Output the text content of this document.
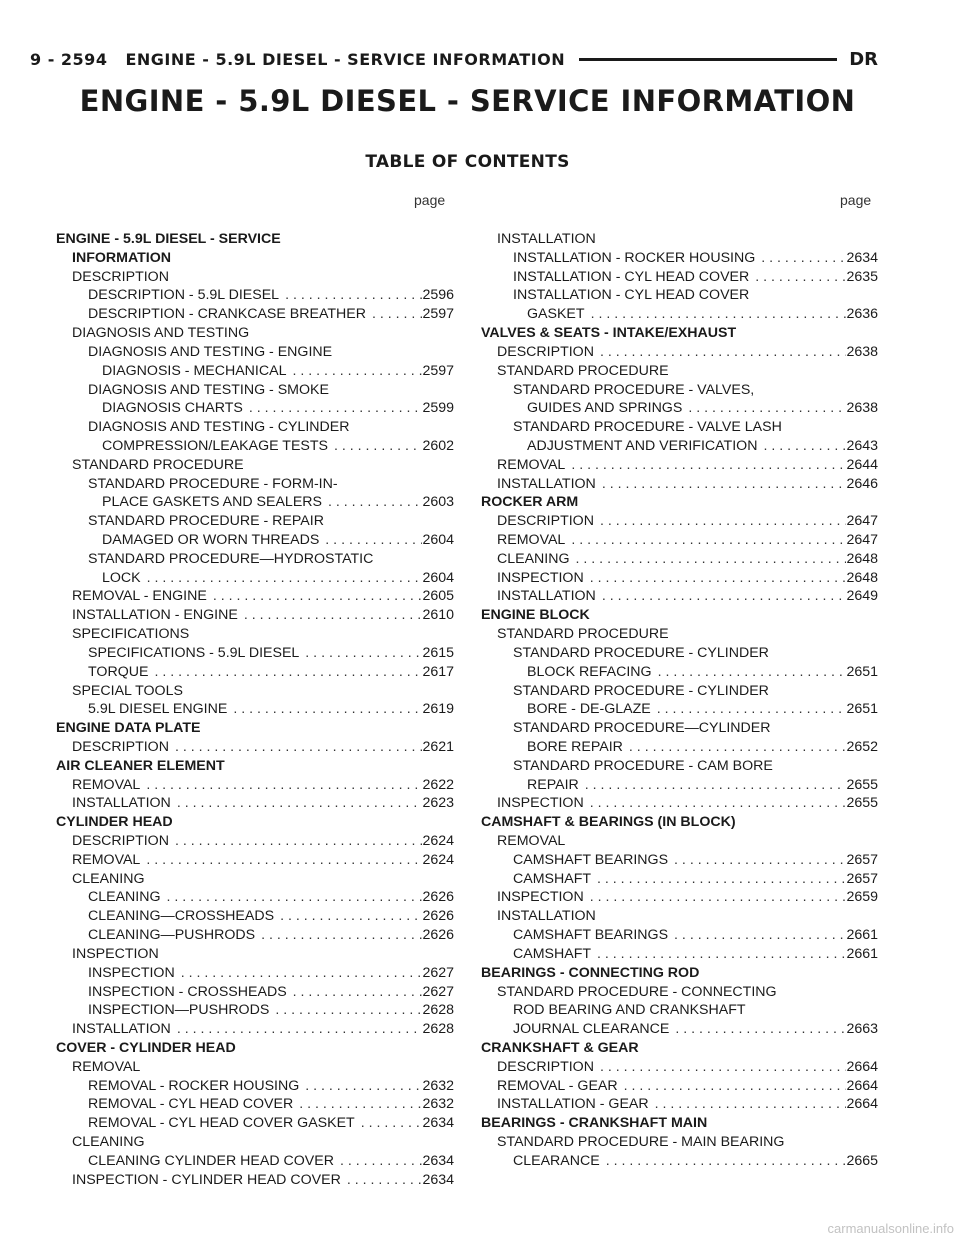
9 - 2594 ENGINE - 5.9L DIESEL - SERVICE INFORMATION	DR
ENGINE - 5.9L DIESEL - SERVICE INFORMATION
TABLE OF CONTENTS
page	page
ENGINE - 5.9L DIESEL - SERVICE
INFORMATION
DESCRIPTION
DESCRIPTION - 5.9L DIESEL . . .	2596
DESCRIPTION - CRANKCASE BREATHER . . .	2597
DIAGNOSIS AND TESTING
DIAGNOSIS AND TESTING - ENGINE
DIAGNOSIS - MECHANICAL . . .	2597
DIAGNOSIS AND TESTING - SMOKE
DIAGNOSIS CHARTS . . .	2599
DIAGNOSIS AND TESTING - CYLINDER
COMPRESSION/LEAKAGE TESTS . . .	2602
STANDARD PROCEDURE
STANDARD PROCEDURE - FORM-IN-
PLACE GASKETS AND SEALERS . . .	2603
STANDARD PROCEDURE - REPAIR
DAMAGED OR WORN THREADS . . .	2604
STANDARD PROCEDURE—HYDROSTATIC
LOCK . . .	2604
REMOVAL - ENGINE . . .	2605
INSTALLATION - ENGINE . . .	2610
SPECIFICATIONS
SPECIFICATIONS - 5.9L DIESEL . . .	2615
TORQUE . . .	2617
SPECIAL TOOLS
5.9L DIESEL ENGINE . . .	2619
ENGINE DATA PLATE
DESCRIPTION . . .	2621
AIR CLEANER ELEMENT
REMOVAL . . .	2622
INSTALLATION . . .	2623
CYLINDER HEAD
DESCRIPTION . . .	2624
REMOVAL . . .	2624
CLEANING
CLEANING . . .	2626
CLEANING—CROSSHEADS . . .	2626
CLEANING—PUSHRODS . . .	2626
INSPECTION
INSPECTION . . .	2627
INSPECTION - CROSSHEADS . . .	2627
INSPECTION—PUSHRODS . . .	2628
INSTALLATION . . .	2628
COVER - CYLINDER HEAD
REMOVAL
REMOVAL - ROCKER HOUSING . . .	2632
REMOVAL - CYL HEAD COVER . . .	2632
REMOVAL - CYL HEAD COVER GASKET . . .	2634
CLEANING
CLEANING CYLINDER HEAD COVER . . .	2634
INSPECTION - CYLINDER HEAD COVER . . .	2634
INSTALLATION
INSTALLATION - ROCKER HOUSING . . .	2634
INSTALLATION - CYL HEAD COVER . . .	2635
INSTALLATION - CYL HEAD COVER
GASKET . . .	2636
VALVES & SEATS - INTAKE/EXHAUST
DESCRIPTION . . .	2638
STANDARD PROCEDURE
STANDARD PROCEDURE - VALVES,
GUIDES AND SPRINGS . . .	2638
STANDARD PROCEDURE - VALVE LASH
ADJUSTMENT AND VERIFICATION . . .	2643
REMOVAL . . .	2644
INSTALLATION . . .	2646
ROCKER ARM
DESCRIPTION . . .	2647
REMOVAL . . .	2647
CLEANING . . .	2648
INSPECTION . . .	2648
INSTALLATION . . .	2649
ENGINE BLOCK
STANDARD PROCEDURE
STANDARD PROCEDURE - CYLINDER
BLOCK REFACING . . .	2651
STANDARD PROCEDURE - CYLINDER
BORE - DE-GLAZE . . .	2651
STANDARD PROCEDURE—CYLINDER
BORE REPAIR . . .	2652
STANDARD PROCEDURE - CAM BORE
REPAIR . . .	2655
INSPECTION . . .	2655
CAMSHAFT & BEARINGS (IN BLOCK)
REMOVAL
CAMSHAFT BEARINGS . . .	2657
CAMSHAFT . . .	2657
INSPECTION . . .	2659
INSTALLATION
CAMSHAFT BEARINGS . . .	2661
CAMSHAFT . . .	2661
BEARINGS - CONNECTING ROD
STANDARD PROCEDURE - CONNECTING
ROD BEARING AND CRANKSHAFT
JOURNAL CLEARANCE . . .	2663
CRANKSHAFT & GEAR
DESCRIPTION . . .	2664
REMOVAL - GEAR . . .	2664
INSTALLATION - GEAR . . .	2664
BEARINGS - CRANKSHAFT MAIN
STANDARD PROCEDURE - MAIN BEARING
CLEARANCE . . .	2665
carmanualsonline.info
